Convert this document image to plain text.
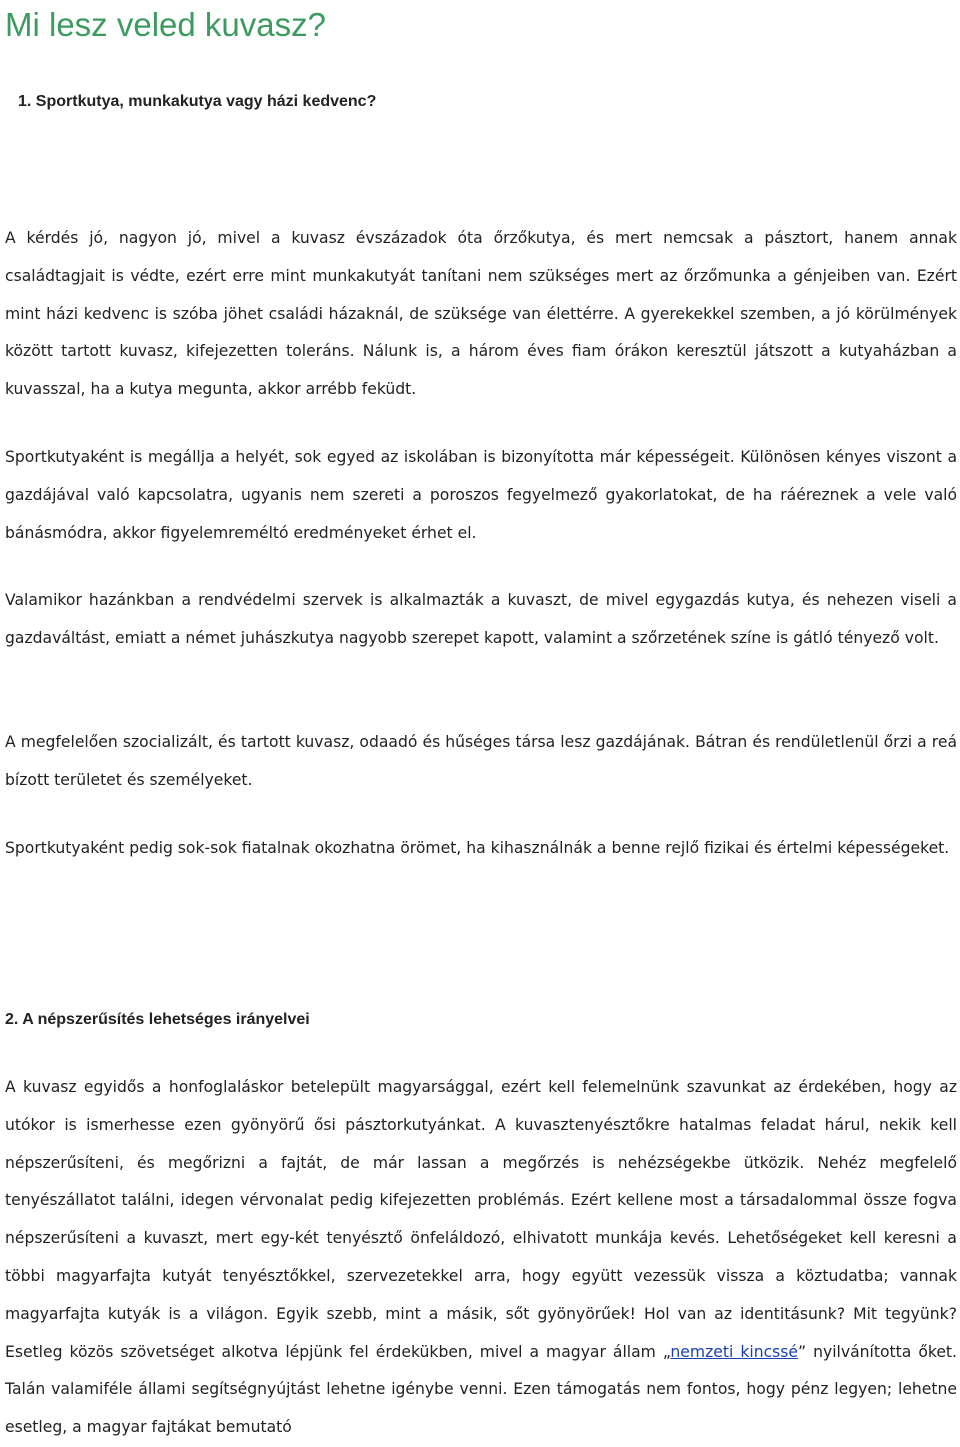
Mi lesz veled kuvasz?
1. Sportkutya, munkakutya vagy házi kedvenc?

A kérdés jó, nagyon jó, mivel a kuvasz évszázadok óta őrzőkutya, és mert nemcsak a pásztort, hanem annak családtagjait is védte, ezért erre mint munkakutyát tanítani nem szükséges mert az őrzőmunka a génjeiben van. Ezért mint házi kedvenc is szóba jöhet családi házaknál, de szüksége van élettérre. A gyerekekkel szemben, a jó körülmények között tartott kuvasz, kifejezetten toleráns. Nálunk is, a három éves fiam órákon keresztül játszott a kutyaházban a kuvasszal, ha a kutya megunta, akkor arrébb feküdt.

Sportkutyaként is megállja a helyét, sok egyed az iskolában is bizonyította már képességeit. Különösen kényes viszont a gazdájával való kapcsolatra, ugyanis nem szereti a poroszos fegyelmező gyakorlatokat, de ha ráéreznek a vele való bánásmódra, akkor figyelemreméltó eredményeket érhet el.

Valamikor hazánkban a rendvédelmi szervek is alkalmazták a kuvaszt, de mivel egygazdás kutya, és nehezen viseli a gazdaváltást, emiatt a német juhászkutya nagyobb szerepet kapott, valamint a szőrzetének színe is gátló tényező volt.

A megfelelően szocializált, és tartott kuvasz, odaadó és hűséges társa lesz gazdájának. Bátran és rendületlenül őrzi a reá bízott területet és személyeket.

Sportkutyaként pedig sok-sok fiatalnak okozhatna örömet, ha kihasználnák a benne rejlő fizikai és értelmi képességeket.

2. A népszerűsítés lehetséges irányelvei

A kuvasz egyidős a honfoglaláskor betelepült magyarsággal, ezért kell felemelnünk szavunkat az érdekében, hogy az utókor is ismerhesse ezen gyönyörű ősi pásztorkutyánkat. A kuvasztenyésztőkre hatalmas feladat hárul, nekik kell népszerűsíteni, és megőrizni a fajtát, de már lassan a megőrzés is nehézségekbe ütközik. Nehéz megfelelő tenyészállatot találni, idegen vérvonalat pedig kifejezetten problémás. Ezért kellene most a társadalommal össze fogva népszerűsíteni a kuvaszt, mert egy-két tenyésztő önfeláldozó, elhivatott munkája kevés. Lehetőségeket kell keresni a többi magyarfajta kutyát tenyésztőkkel, szervezetekkel arra, hogy együtt vezessük vissza a köztudatba; vannak magyarfajta kutyák is a világon. Egyik szebb, mint a másik, sőt gyönyörűek! Hol van az identitásunk? Mit tegyünk? Esetleg közös szövetséget alkotva lépjünk fel érdekükben, mivel a magyar állam „nemzeti kincssé” nyilvánította őket. Talán valamiféle állami segítségnyújtást lehetne igénybe venni. Ezen támogatás nem fontos, hogy pénz legyen; lehetne esetleg, a magyar fajtákat bemutató
